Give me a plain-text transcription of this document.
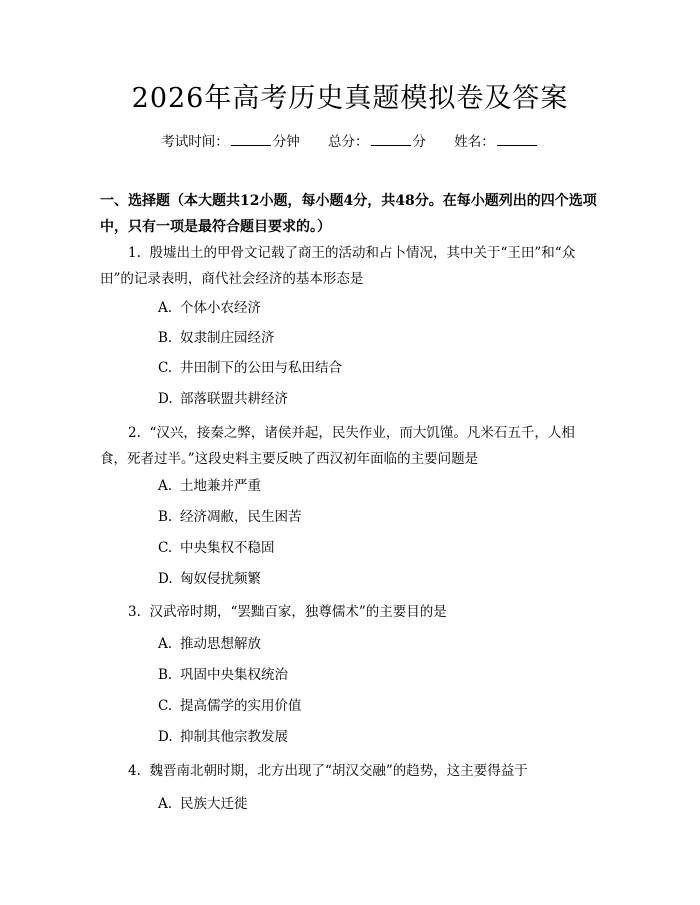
2026年高考历史真题模拟卷及答案
考试时间：	分钟 总分：	分 姓名：
一、选择题（本大题共12小题，每小题4分，共48分。在每小题列出的四个选项中，只有一项是最符合题目要求的。）
1. 殷墟出土的甲骨文记载了商王的活动和占卜情况，其中关于“王田”和“众田”的记录表明，商代社会经济的基本形态是
A. 个体小农经济
B. 奴隶制庄园经济
C. 井田制下的公田与私田结合
D. 部落联盟共耕经济
2. “汉兴，接秦之弊，诸侯并起，民失作业，而大饥馑。凡米石五千，人相食，死者过半。”这段史料主要反映了西汉初年面临的主要问题是
A. 土地兼并严重
B. 经济凋敝，民生困苦
C. 中央集权不稳固
D. 匈奴侵扰频繁
3. 汉武帝时期，“罢黜百家，独尊儒术”的主要目的是
A. 推动思想解放
B. 巩固中央集权统治
C. 提高儒学的实用价值
D. 抑制其他宗教发展
4. 魏晋南北朝时期，北方出现了“胡汉交融”的趋势，这主要得益于
A. 民族大迁徙
